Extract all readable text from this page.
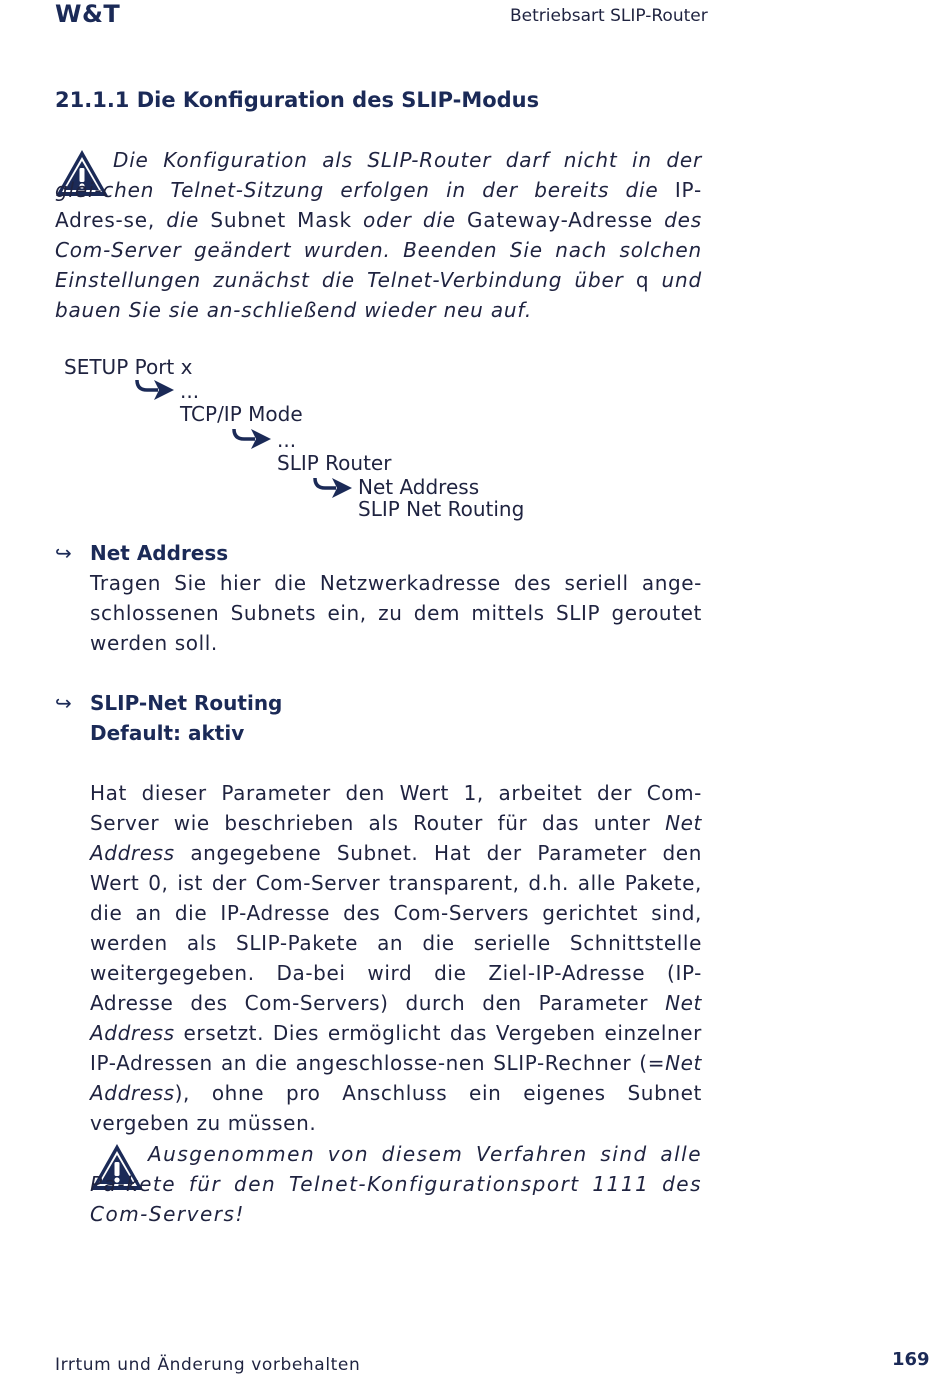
W&T	Betriebsart SLIP-Router
21.1.1 Die Konfiguration des SLIP-Modus
Die Konfiguration als SLIP-Router darf nicht in der glei-chen Telnet-Sitzung erfolgen in der bereits die IP-Adres-se, die Subnet Mask oder die Gateway-Adresse des Com-Server geändert wurden. Beenden Sie nach solchen Einstellungen zunächst die Telnet-Verbindung über q und bauen Sie sie an-schließend wieder neu auf.
SETUP Port x
...
TCP/IP Mode
...
SLIP Router
Net Address
SLIP Net Routing
↪ Net Address
Tragen Sie hier die Netzwerkadresse des seriell ange-schlossenen Subnets ein, zu dem mittels SLIP geroutet werden soll.
↪ SLIP-Net Routing
Default: aktiv
Hat dieser Parameter den Wert 1, arbeitet der Com-Server wie beschrieben als Router für das unter Net Address angegebene Subnet. Hat der Parameter den Wert 0, ist der Com-Server transparent, d.h. alle Pakete, die an die IP-Adresse des Com-Servers gerichtet sind, werden als SLIP-Pakete an die serielle Schnittstelle weitergegeben. Da-bei wird die Ziel-IP-Adresse (IP-Adresse des Com-Servers) durch den Parameter Net Address ersetzt. Dies ermöglicht das Vergeben einzelner IP-Adressen an die angeschlosse-nen SLIP-Rechner (=Net Address), ohne pro Anschluss ein eigenes Subnet vergeben zu müssen.
Ausgenommen von diesem Verfahren sind alle Pa-kete für den Telnet-Konfigurationsport 1111 des Com-Servers!
Irrtum und Änderung vorbehalten	169
